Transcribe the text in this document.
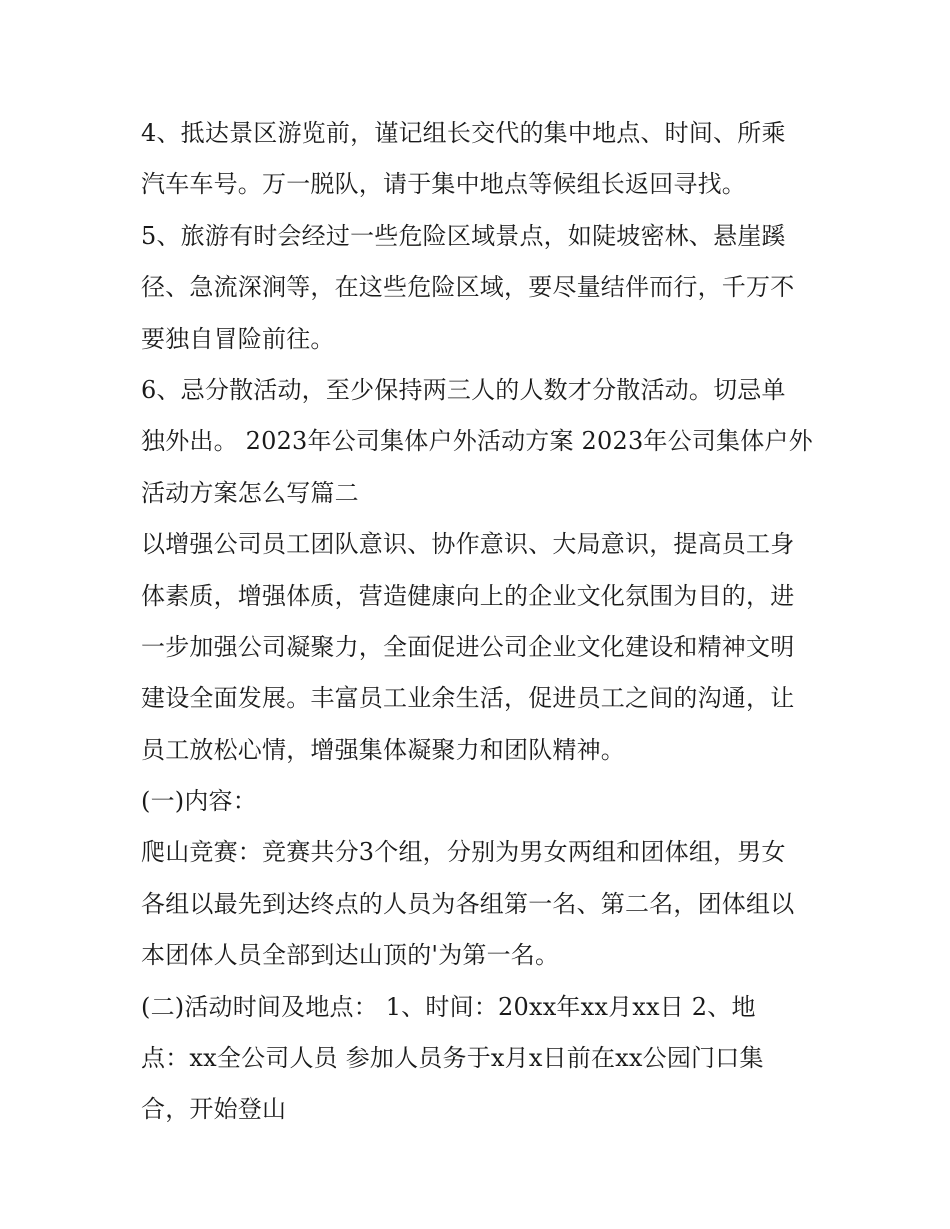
4、抵达景区游览前，谨记组长交代的集中地点、时间、所乘
汽车车号。万一脱队，请于集中地点等候组长返回寻找。
5、旅游有时会经过一些危险区域景点，如陡坡密林、悬崖蹊
径、急流深涧等，在这些危险区域，要尽量结伴而行，千万不
要独自冒险前往。
6、忌分散活动，至少保持两三人的人数才分散活动。切忌单
独外出。 2023年公司集体户外活动方案 2023年公司集体户外
活动方案怎么写篇二
以增强公司员工团队意识、协作意识、大局意识，提高员工身
体素质，增强体质，营造健康向上的企业文化氛围为目的，进
一步加强公司凝聚力，全面促进公司企业文化建设和精神文明
建设全面发展。丰富员工业余生活，促进员工之间的沟通，让
员工放松心情，增强集体凝聚力和团队精神。
(一)内容：
爬山竞赛：竞赛共分3个组，分别为男女两组和团体组，男女
各组以最先到达终点的人员为各组第一名、第二名，团体组以
本团体人员全部到达山顶的'为第一名。
(二)活动时间及地点： 1、时间：20xx年xx月xx日 2、地
点：xx全公司人员 参加人员务于x月x日前在xx公园门口集
合，开始登山
